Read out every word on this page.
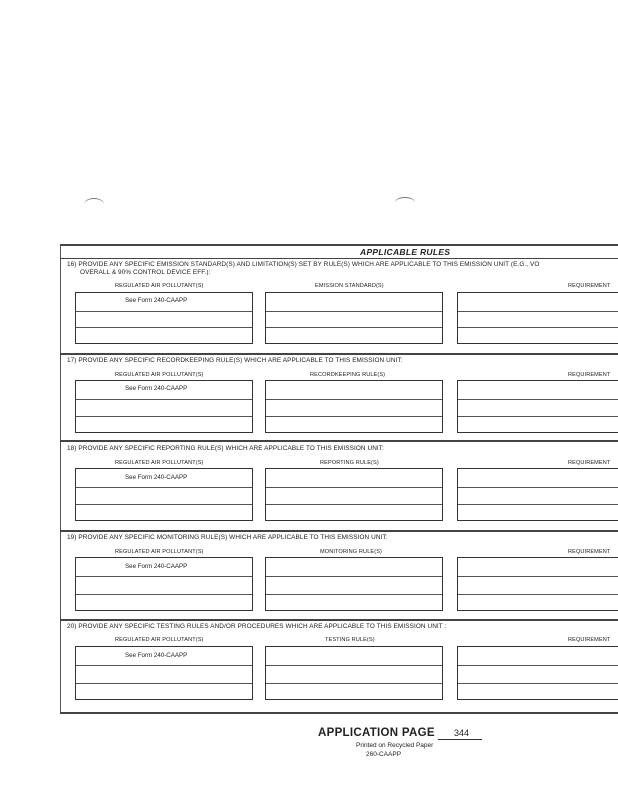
APPLICABLE RULES
16) PROVIDE ANY SPECIFIC EMISSION STANDARD(S) AND LIMITATION(S) SET BY RULE(S) WHICH ARE APPLICABLE TO THIS EMISSION UNIT (E.G., VO
OVERALL & 90% CONTROL DEVICE EFF.):
REGULATED AIR POLLUTANT(S)	EMISSION STANDARD(S)	REQUIREMENT
See Form 240-CAAPP
17) PROVIDE ANY SPECIFIC RECORDKEEPING RULE(S) WHICH ARE APPLICABLE TO THIS EMISSION UNIT:
REGULATED AIR POLLUTANT(S)	RECORDKEEPING RULE(S)	REQUIREMENT
See Form 240-CAAPP
18) PROVIDE ANY SPECIFIC REPORTING RULE(S) WHICH ARE APPLICABLE TO THIS EMISSION UNIT:
REGULATED AIR POLLUTANT(S)	REPORTING RULE(S)	REQUIREMENT
See Form 240-CAAPP
19) PROVIDE ANY SPECIFIC MONITORING RULE(S) WHICH ARE APPLICABLE TO THIS EMISSION UNIT:
REGULATED AIR POLLUTANT(S)	MONITORING RULE(S)	REQUIREMENT
See Form 240-CAAPP
20) PROVIDE ANY SPECIFIC TESTING RULES AND/OR PROCEDURES WHICH ARE APPLICABLE TO THIS EMISSION UNIT :
REGULATED AIR POLLUTANT(S)	TESTING RULE(S)	REQUIREMENT
See Form 240-CAAPP
APPLICATION PAGE 344
Printed on Recycled Paper
260-CAAPP
